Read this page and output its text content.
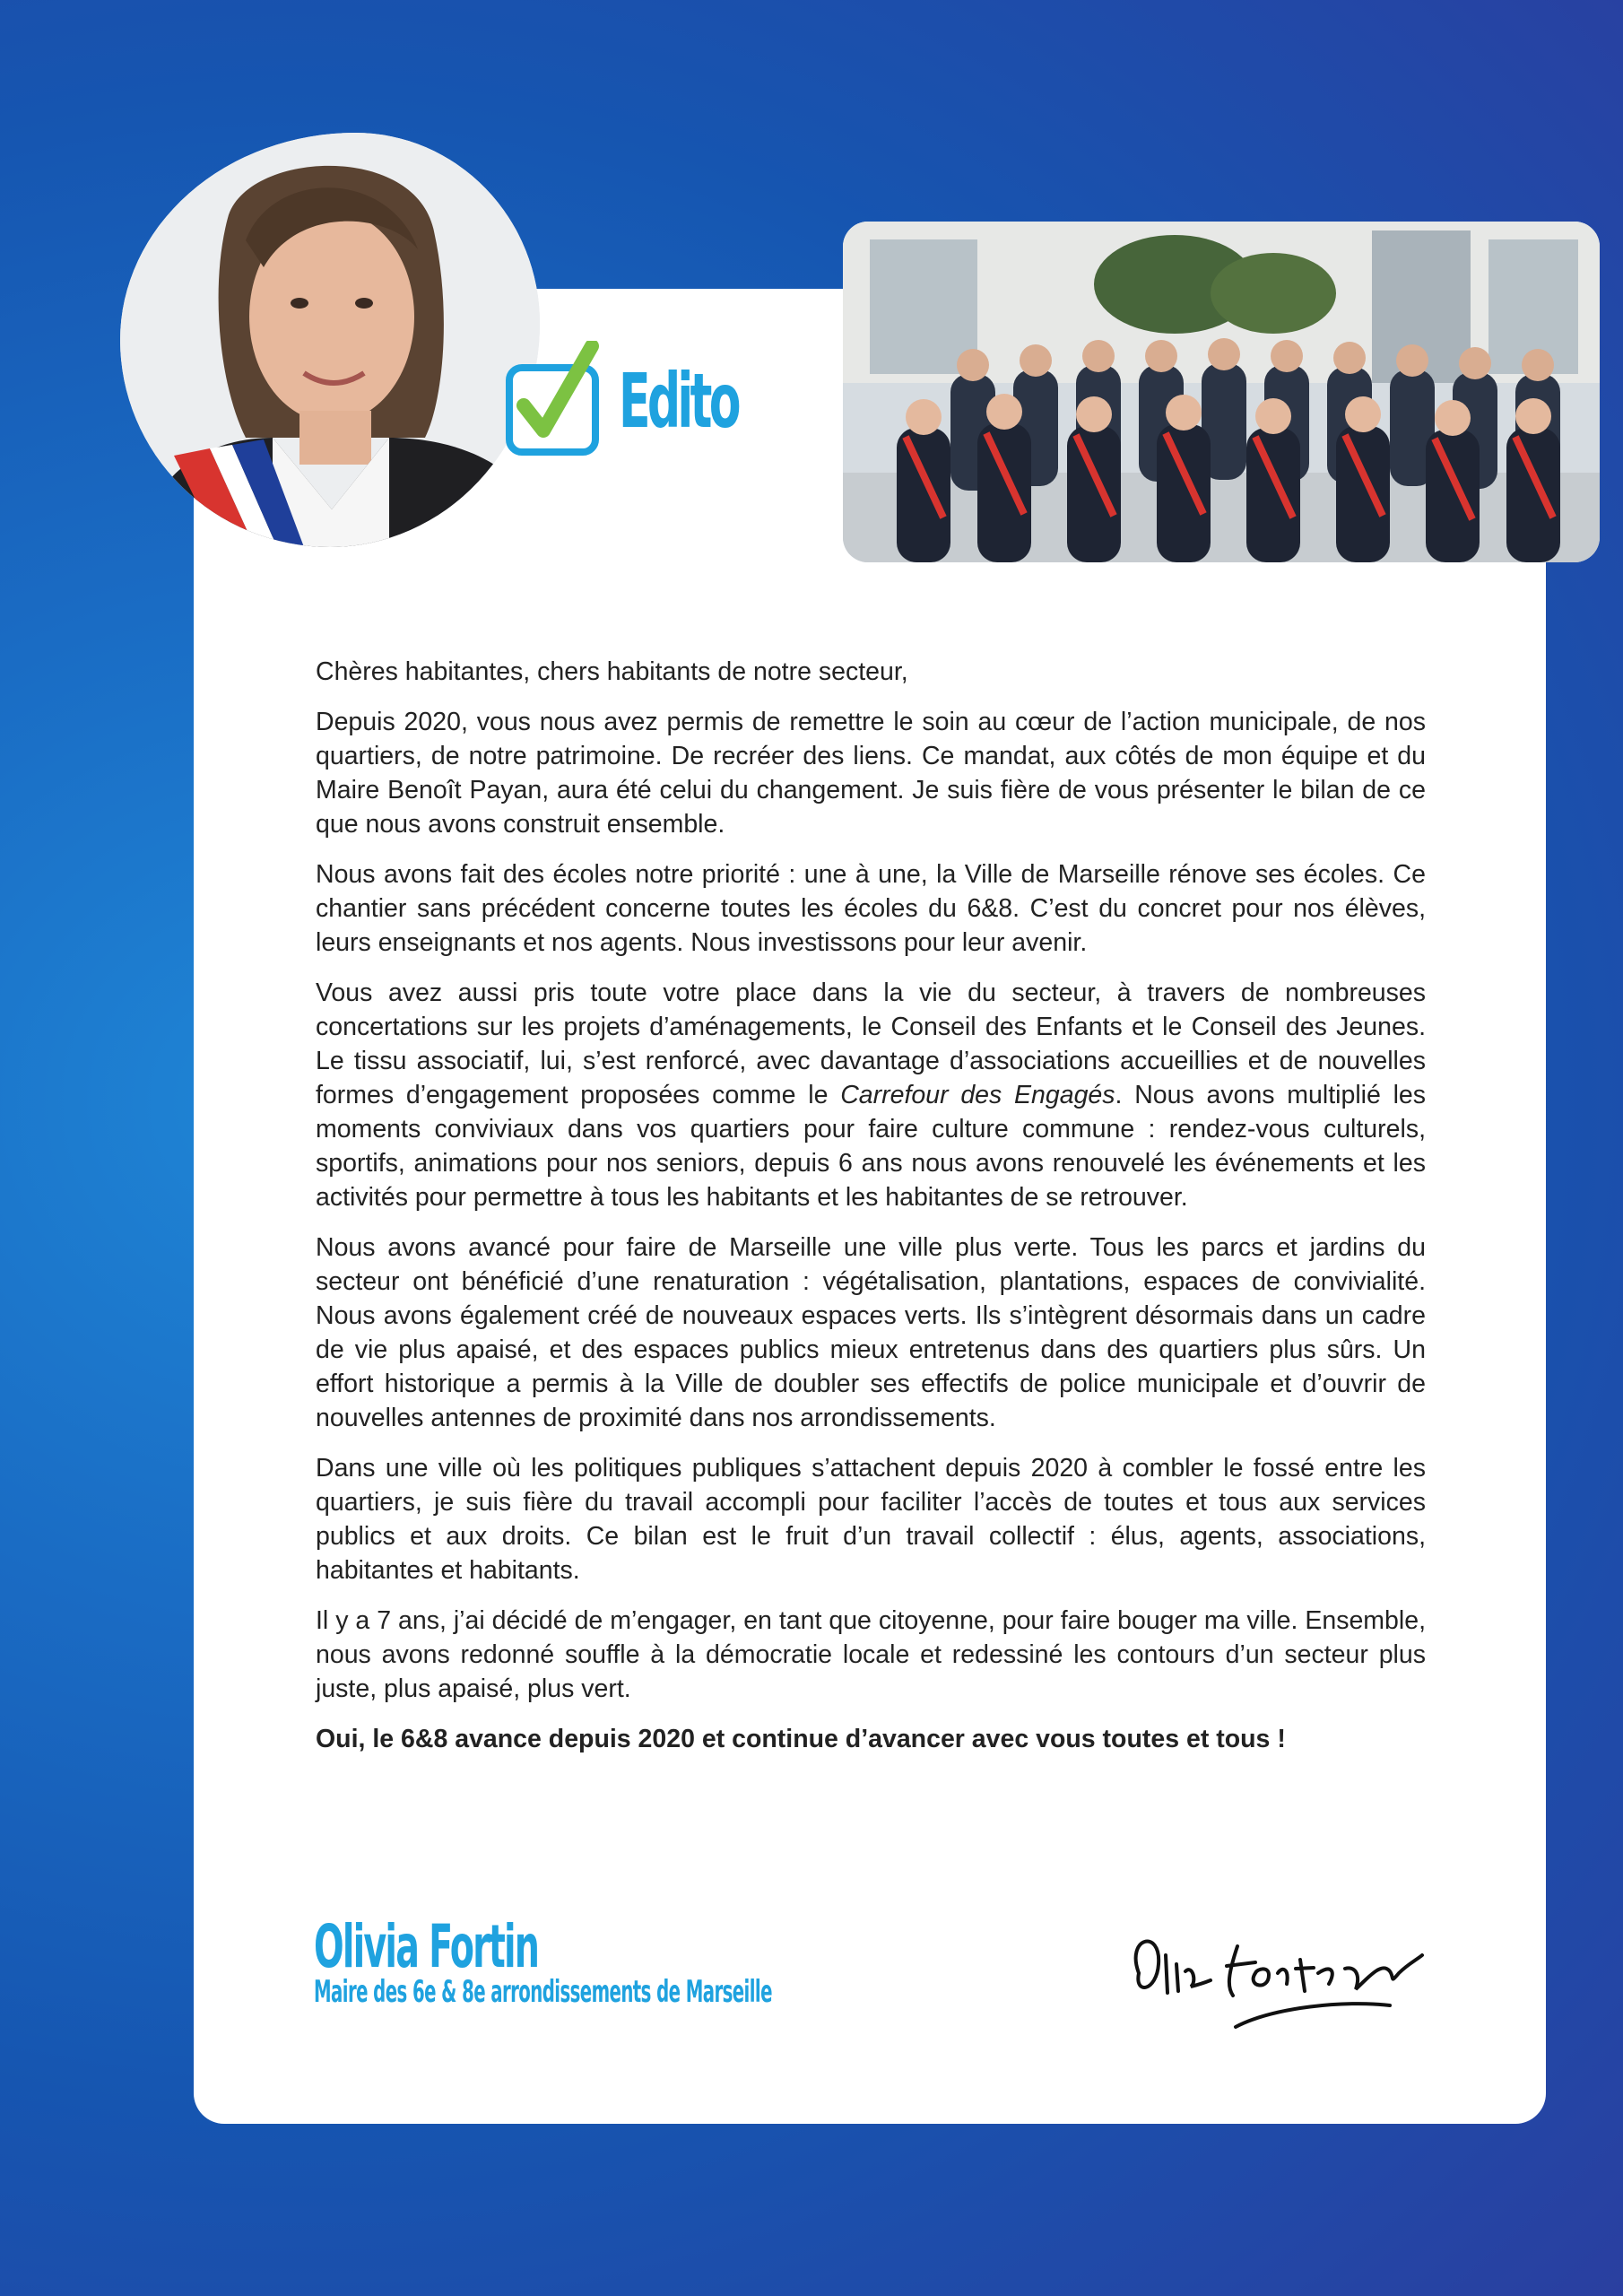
Edito

Chères habitantes, chers habitants de notre secteur,

Depuis 2020, vous nous avez permis de remettre le soin au cœur de l’action municipale, de nos quartiers, de notre patrimoine. De recréer des liens. Ce mandat, aux côtés de mon équipe et du Maire Benoît Payan, aura été celui du changement. Je suis fière de vous présenter le bilan de ce que nous avons construit ensemble.

Nous avons fait des écoles notre priorité : une à une, la Ville de Marseille rénove ses écoles. Ce chantier sans précédent concerne toutes les écoles du 6&8. C’est du concret pour nos élèves, leurs enseignants et nos agents. Nous investissons pour leur avenir.

Vous avez aussi pris toute votre place dans la vie du secteur, à travers de nombreuses concertations sur les projets d’aménagements, le Conseil des Enfants et le Conseil des Jeunes. Le tissu associatif, lui, s’est renforcé, avec davantage d’associations accueillies et de nouvelles formes d’engagement proposées comme le Carrefour des Engagés. Nous avons multiplié les moments conviviaux dans vos quartiers pour faire culture commune : rendez-vous culturels, sportifs, animations pour nos seniors, depuis 6 ans nous avons renouvelé les événements et les activités pour permettre à tous les habitants et les habitantes de se retrouver.

Nous avons avancé pour faire de Marseille une ville plus verte. Tous les parcs et jardins du secteur ont bénéficié d’une renaturation : végétalisation, plantations, espaces de convivialité. Nous avons également créé de nouveaux espaces verts. Ils s’intègrent désormais dans un cadre de vie plus apaisé, et des espaces publics mieux entretenus dans des quartiers plus sûrs. Un effort historique a permis à la Ville de doubler ses effectifs de police municipale et d’ouvrir de nouvelles antennes de proximité dans nos arrondissements.

Dans une ville où les politiques publiques s’attachent depuis 2020 à combler le fossé entre les quartiers, je suis fière du travail accompli pour faciliter l’accès de toutes et tous aux services publics et aux droits. Ce bilan est le fruit d’un travail collectif : élus, agents, associations, habitantes et habitants.

Il y a 7 ans, j’ai décidé de m’engager, en tant que citoyenne, pour faire bouger ma ville. Ensemble, nous avons redonné souffle à la démocratie locale et redessiné les contours d’un secteur plus juste, plus apaisé, plus vert.

Oui, le 6&8 avance depuis 2020 et continue d’avancer avec vous toutes et tous !

Olivia Fortin
Maire des 6e & 8e arrondissements de Marseille
